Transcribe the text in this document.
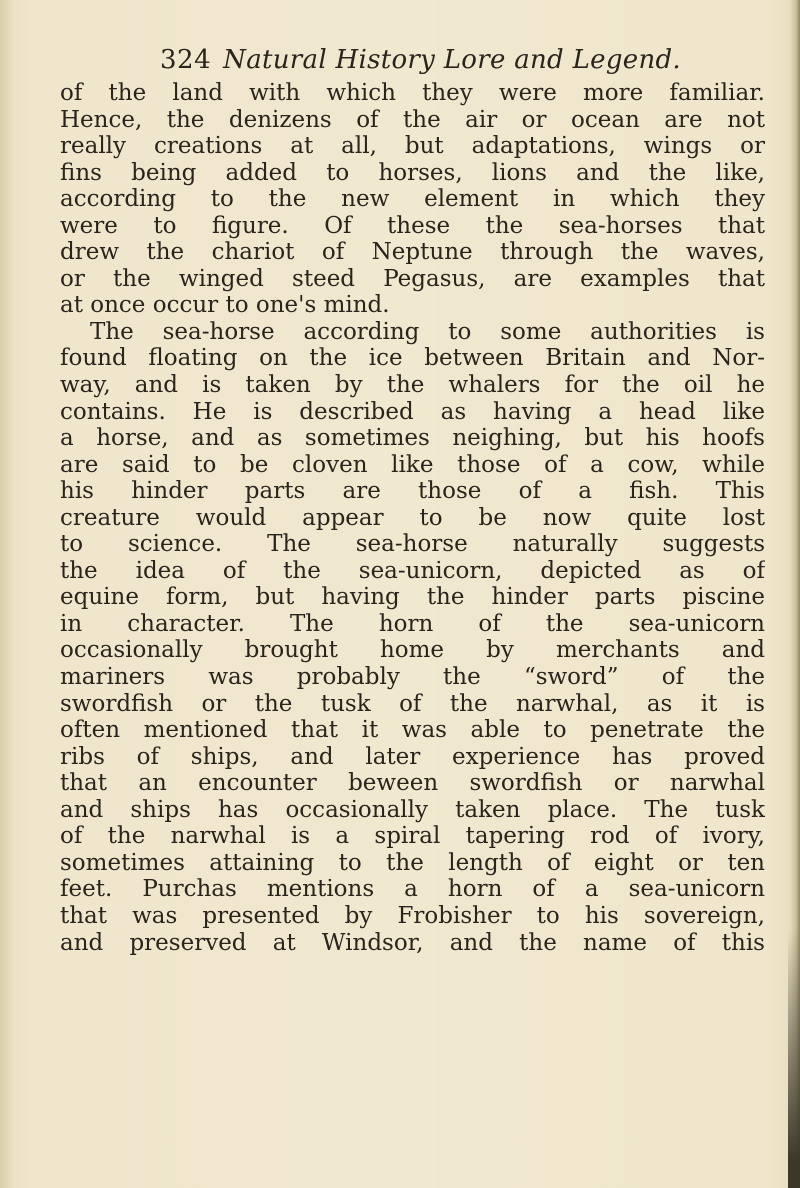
324 Natural History Lore and Legend.
of the land with which they were more familiar.
Hence, the denizens of the air or ocean are not
really creations at all, but adaptations, wings or
fins being added to horses, lions and the like,
according to the new element in which they
were to figure. Of these the sea-horses that
drew the chariot of Neptune through the waves,
or the winged steed Pegasus, are examples that
at once occur to one's mind.
The sea-horse according to some authorities is
found floating on the ice between Britain and Nor-
way, and is taken by the whalers for the oil he
contains. He is described as having a head like
a horse, and as sometimes neighing, but his hoofs
are said to be cloven like those of a cow, while
his hinder parts are those of a fish. This
creature would appear to be now quite lost
to science. The sea-horse naturally suggests
the idea of the sea-unicorn, depicted as of
equine form, but having the hinder parts piscine
in character. The horn of the sea-unicorn
occasionally brought home by merchants and
mariners was probably the “sword” of the
swordfish or the tusk of the narwhal, as it is
often mentioned that it was able to penetrate the
ribs of ships, and later experience has proved
that an encounter beween swordfish or narwhal
and ships has occasionally taken place. The tusk
of the narwhal is a spiral tapering rod of ivory,
sometimes attaining to the length of eight or ten
feet. Purchas mentions a horn of a sea-unicorn
that was presented by Frobisher to his sovereign,
and preserved at Windsor, and the name of this
